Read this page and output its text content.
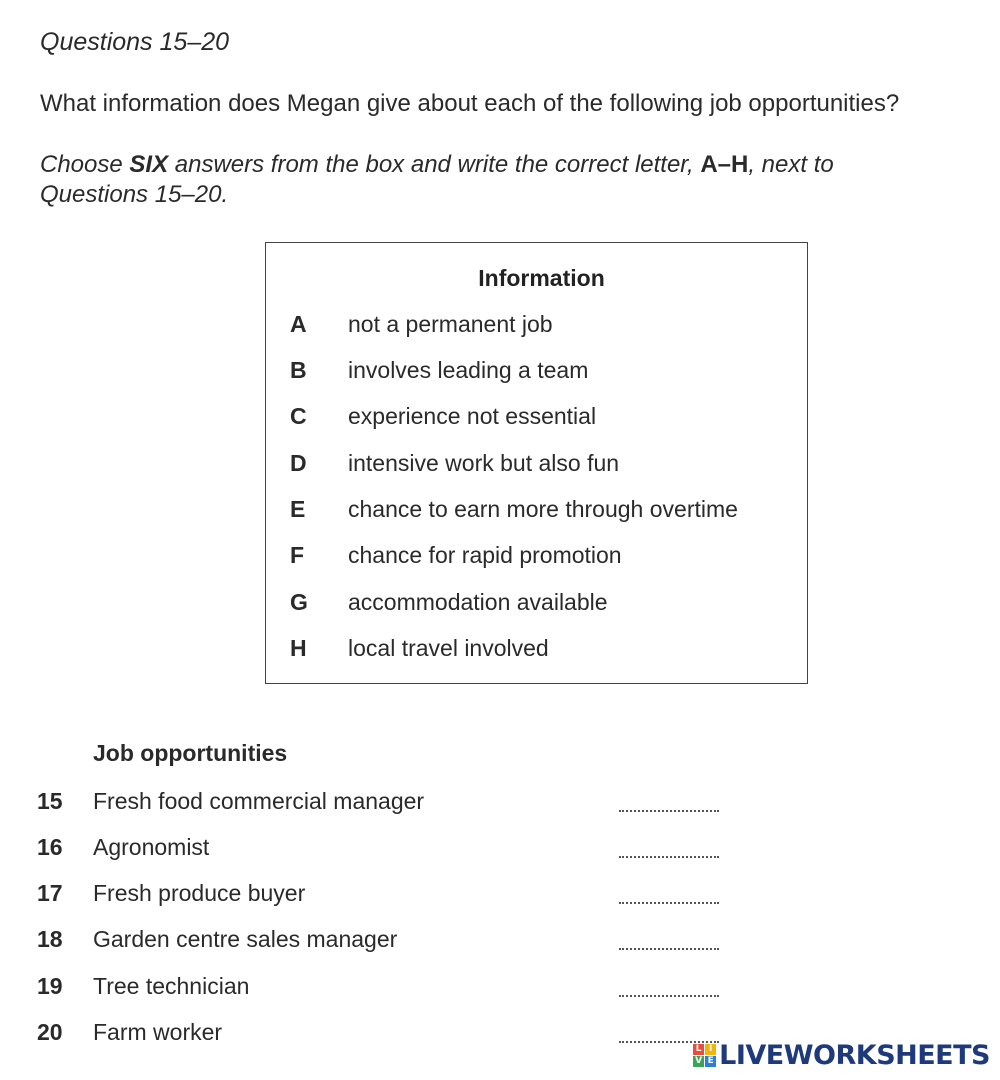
Questions 15–20
What information does Megan give about each of the following job opportunities?
Choose SIX answers from the box and write the correct letter, A–H, next to
Questions 15–20.
Information
A not a permanent job
B involves leading a team
C experience not essential
D intensive work but also fun
E chance to earn more through overtime
F chance for rapid promotion
G accommodation available
H local travel involved
Job opportunities
15 Fresh food commercial manager
16 Agronomist
17 Fresh produce buyer
18 Garden centre sales manager
19 Tree technician
20 Farm worker
L I
V E LIVEWORKSHEETS
